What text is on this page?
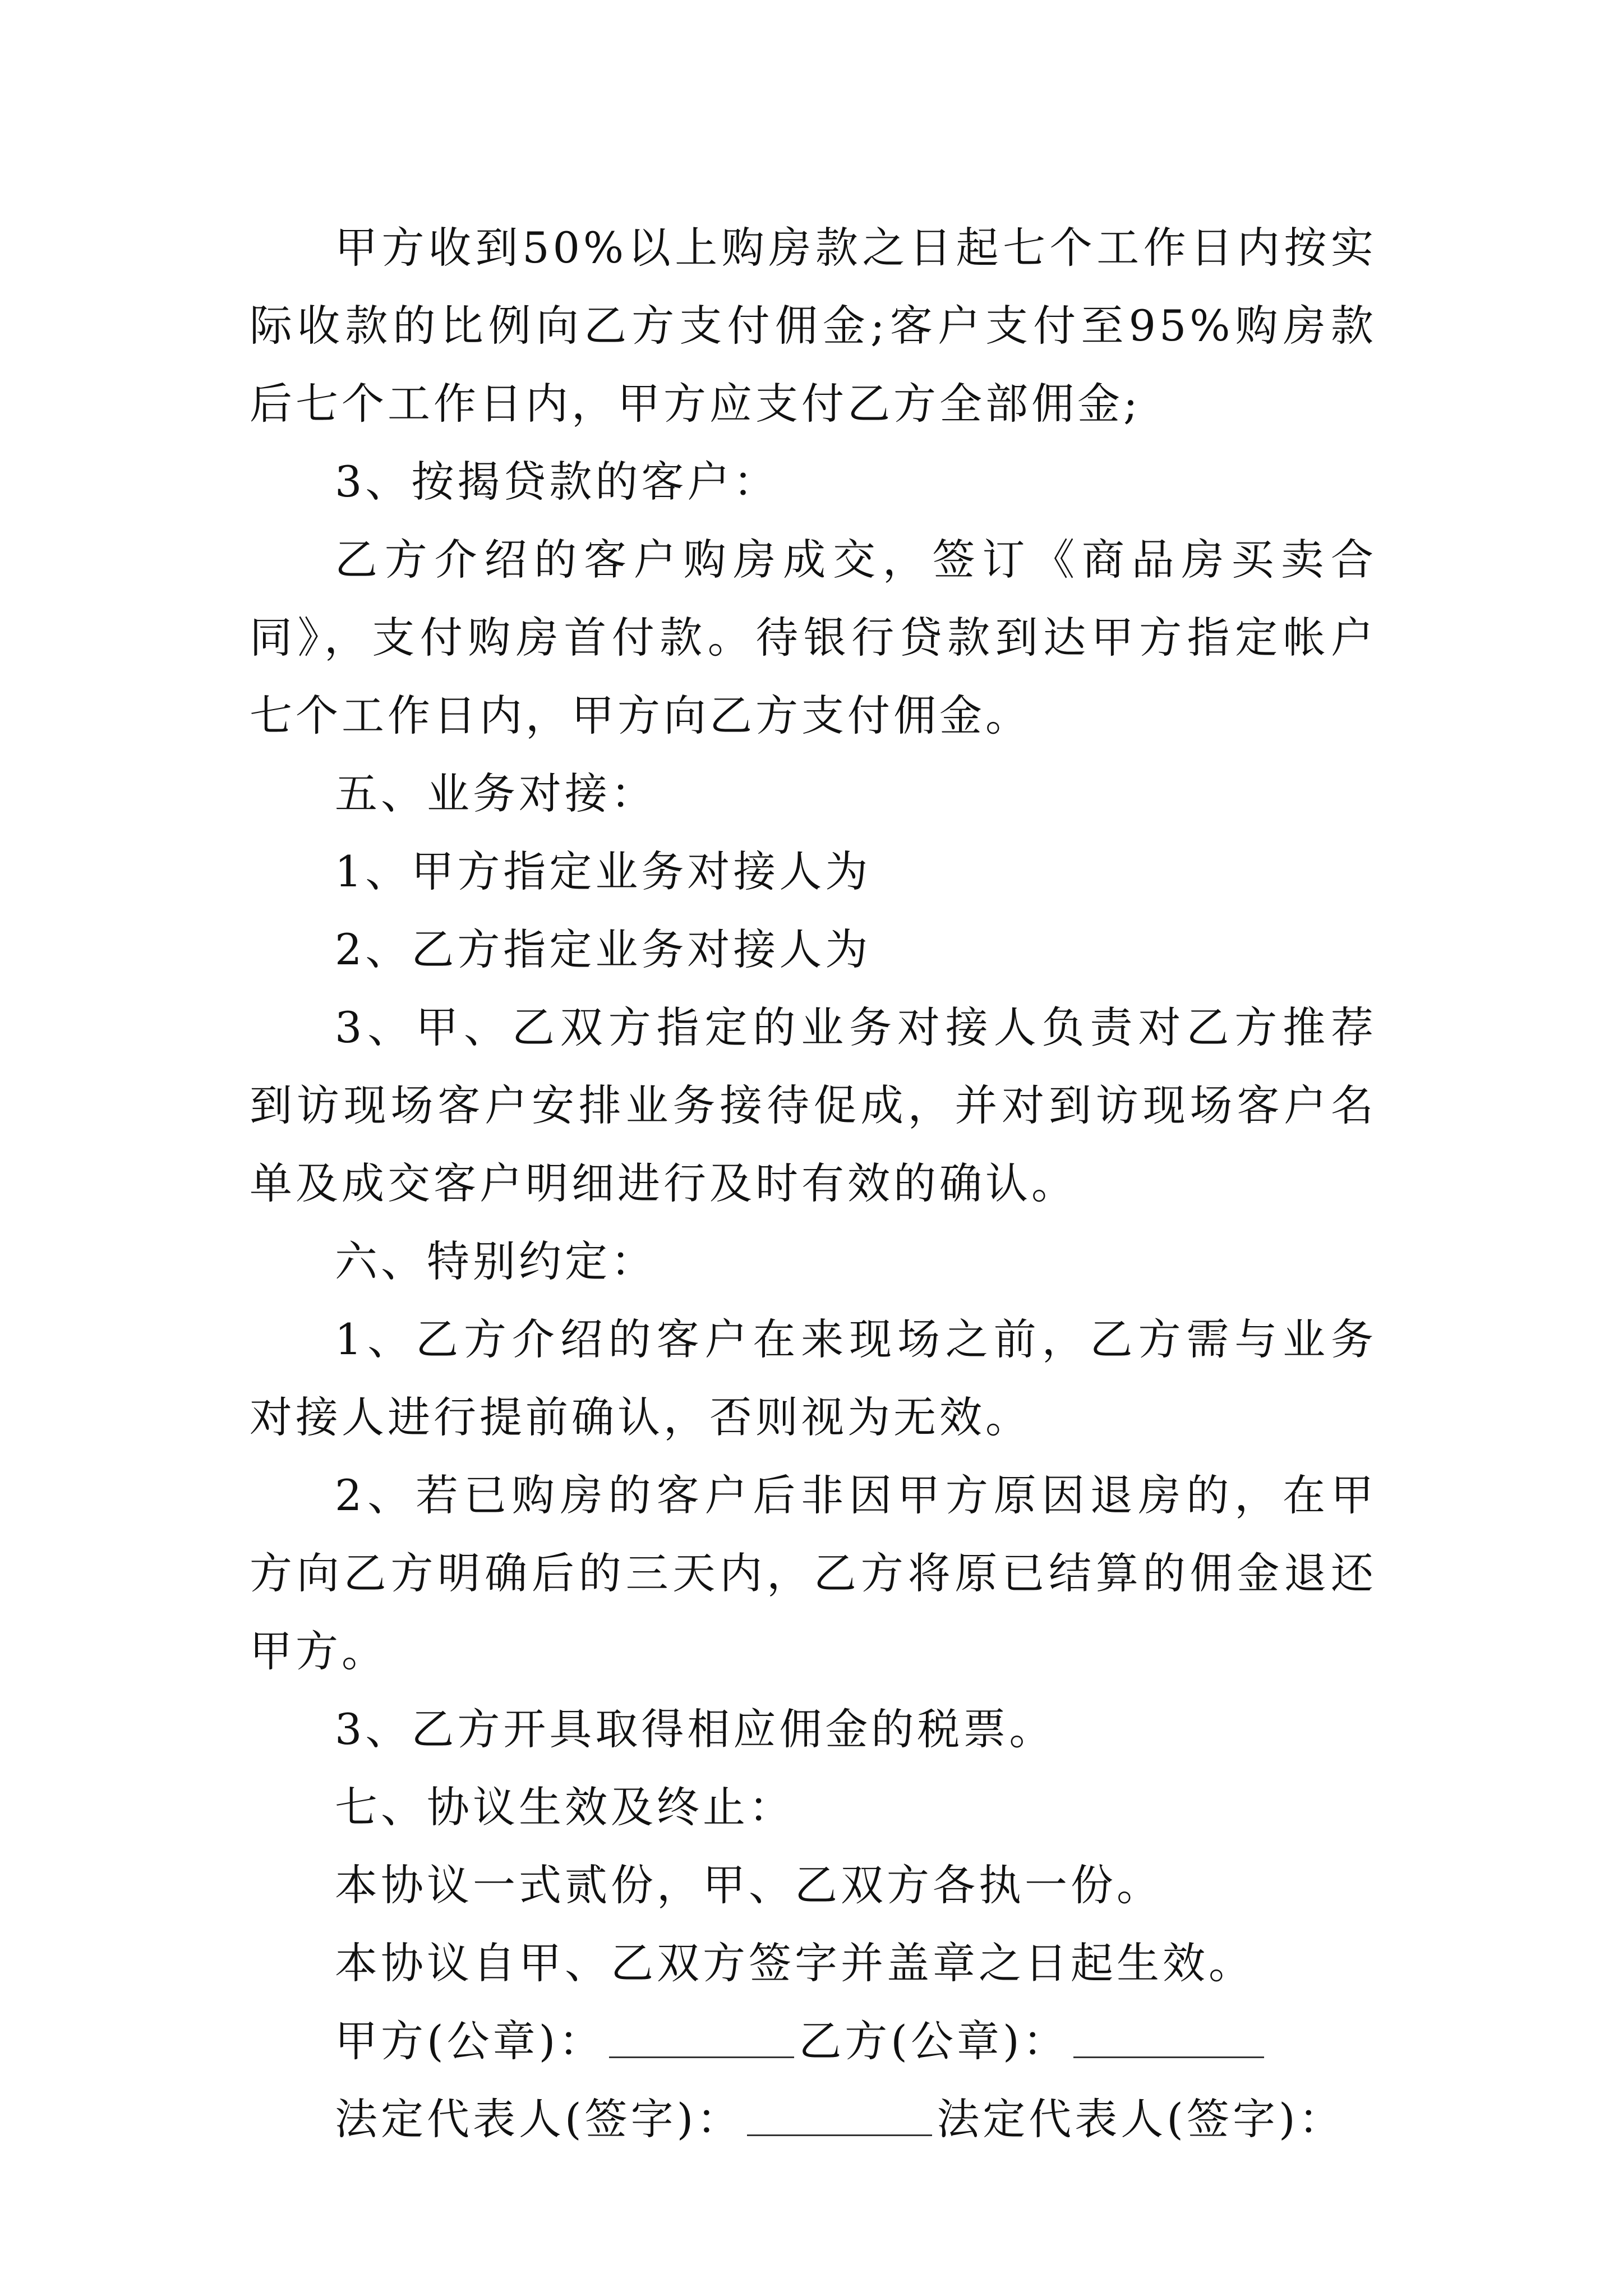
甲方收到50%以上购房款之日起七个工作日内按实际收款的比例向乙方支付佣金;客户支付至95%购房款后七个工作日内，甲方应支付乙方全部佣金;

3、按揭贷款的客户：

乙方介绍的客户购房成交，签订《商品房买卖合同》，支付购房首付款。待银行贷款到达甲方指定帐户七个工作日内，甲方向乙方支付佣金。

五、业务对接：

1、甲方指定业务对接人为

2、乙方指定业务对接人为

3、甲、乙双方指定的业务对接人负责对乙方推荐到访现场客户安排业务接待促成，并对到访现场客户名单及成交客户明细进行及时有效的确认。

六、特别约定：

1、乙方介绍的客户在来现场之前，乙方需与业务对接人进行提前确认，否则视为无效。

2、若已购房的客户后非因甲方原因退房的，在甲方向乙方明确后的三天内，乙方将原已结算的佣金退还甲方。

3、乙方开具取得相应佣金的税票。

七、协议生效及终止：

本协议一式贰份，甲、乙双方各执一份。

本协议自甲、乙双方签字并盖章之日起生效。

甲方(公章)：	乙方(公章)：

法定代表人(签字)：	法定代表人(签字)：
